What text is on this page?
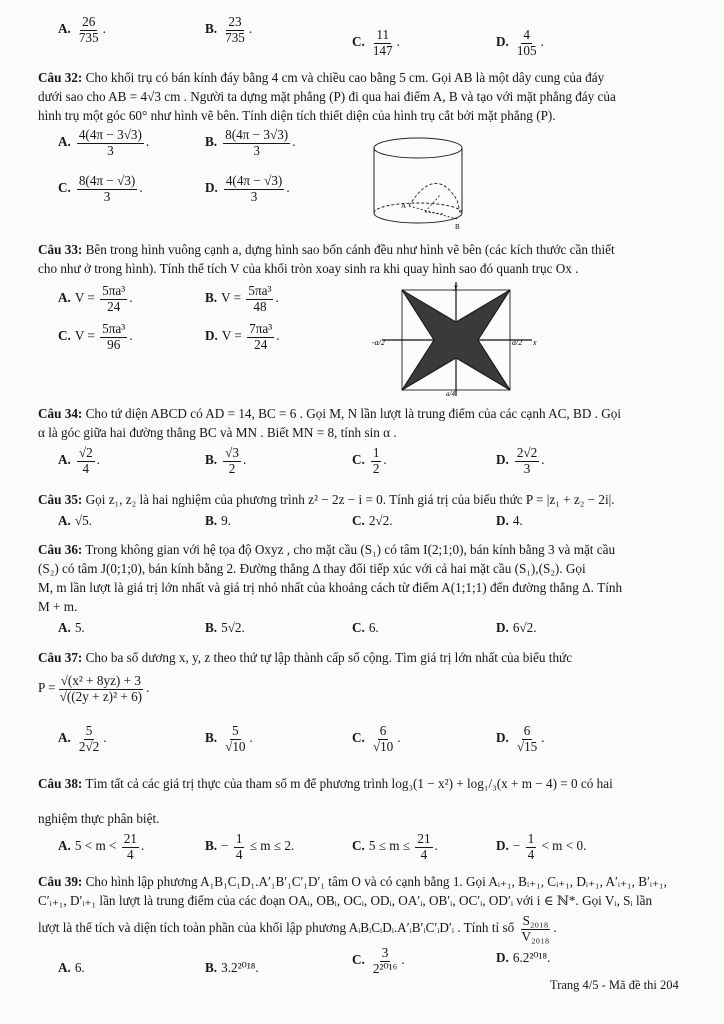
A. $\frac{26}{735}$ .	B. $\frac{23}{735}$ .
C. $\frac{11}{147}$ .	D. $\frac{4}{105}$ .
Câu 32: Cho khối trụ có bán kính đáy bằng 4 cm và chiều cao bằng 5 cm. Gọi AB là một dây cung của đáy
dưới sao cho AB = 4√3 cm . Người ta dựng mặt phẳng (P) đi qua hai điểm A, B và tạo với mặt phẳng đáy của
hình trụ một góc 60° như hình vẽ bên. Tính diện tích thiết diện của hình trụ cắt bởi mặt phẳng (P).
A. $\frac{4(4\pi - 3√3)}{3}$ .	B. $\frac{8(4\pi - 3√3)}{3}$ .
C. $\frac{8(4\pi - √3)}{3}$ .	D. $\frac{4(4\pi - √3)}{3}$ .
A
B
Câu 33: Bên trong hình vuông cạnh a, dựng hình sao bốn cánh đều như hình vẽ bên (các kích thước cần thiết
cho như ở trong hình). Tính thể tích V của khối tròn xoay sinh ra khi quay hình sao đó quanh trục Ox .
A. $V = \frac{\text{5πa³}}{24}$ .	B. $V = \frac{\text{5πa³}}{48}$ .
C. $V = \frac{\text{5πa³}}{96}$ .	D. $V = \frac{\text{7πa³}}{24}$ .
y
-a/2	a/2 x
a/4
Câu 34: Cho tứ diện ABCD có AD = 14, BC = 6 . Gọi M, N lần lượt là trung điểm của các cạnh AC, BD . Gọi
α là góc giữa hai đường thẳng BC và MN . Biết MN = 8, tính sin α .
A. $\frac{√2}{4}$ .	B. $\frac{√3}{2}$ .	C. $\frac{1}{2}$ .	D. $\frac{2√2}{3}$ .
Câu 35: Gọi z₁, z₂ là hai nghiệm của phương trình z² − 2z − i = 0. Tính giá trị của biểu thức P = |z₁ + z₂ − 2i|.
A. √5.	B. 9.	C. 2√2.	D. 4.
Câu 36: Trong không gian với hệ tọa độ Oxyz , cho mặt cầu (S₁) có tâm I(2;1;0), bán kính bằng 3 và mặt cầu
(S₂) có tâm J(0;1;0), bán kính bằng 2. Đường thẳng Δ thay đổi tiếp xúc với cả hai mặt cầu (S₁),(S₂). Gọi
M, m lần lượt là giá trị lớn nhất và giá trị nhỏ nhất của khoảng cách từ điểm A(1;1;1) đến đường thẳng Δ. Tính
M + m.
A. 5.	B. 5√2.	C. 6.	D. 6√2.
Câu 37: Cho ba số dương x, y, z theo thứ tự lập thành cấp số cộng. Tìm giá trị lớn nhất của biểu thức
$P = \frac{\text{√(x² + 8yz) + 3}}{\text{√((2y + z)² + 6)}}$ .
A. $\frac{5}{2√2}$ .	B. $\frac{5}{√10}$ .	C. $\frac{6}{√10}$ .	D. $\frac{6}{√15}$ .
Câu 38: Tìm tất cả các giá trị thực của tham số m để phương trình log₃(1 − x²) + log₁/₃(x + m − 4) = 0 có hai
nghiệm thực phân biệt.
A. $5 < m < \frac{21}{4}$ .	B. − $\frac{1}{4} \le m \le 2$.	C. $5 \le m \le \frac{21}{4}$ .	D. − $\frac{1}{4} < m < 0$.
Câu 39: Cho hình lập phương A₁B₁C₁D₁.A′₁B′₁C′₁D′₁ tâm O và có cạnh bằng 1. Gọi Aᵢ₊₁, Bᵢ₊₁, Cᵢ₊₁, Dᵢ₊₁, A′ᵢ₊₁, B′ᵢ₊₁,
C′ᵢ₊₁, D′ᵢ₊₁ lần lượt là trung điểm của các đoạn OAᵢ, OBᵢ, OCᵢ, ODᵢ, OA′ᵢ, OB′ᵢ, OC′ᵢ, OD′ᵢ với i ∈ ℕ*. Gọi Vᵢ, Sᵢ lần
lượt là thể tích và diện tích toàn phần của khối lập phương AᵢBᵢCᵢDᵢ.A′ᵢB′ᵢC′ᵢD′ᵢ . Tính tỉ số $\frac{\text{S₂₀₁₈}}{\text{V₂₀₁₈}}$ .
A. 6.	B. 3.2²⁰¹⁸.
C. $\frac{3}{\text{2²⁰¹⁶}}$ .	D. 6.2²⁰¹⁸.
Trang 4/5 - Mã đề thi 204
